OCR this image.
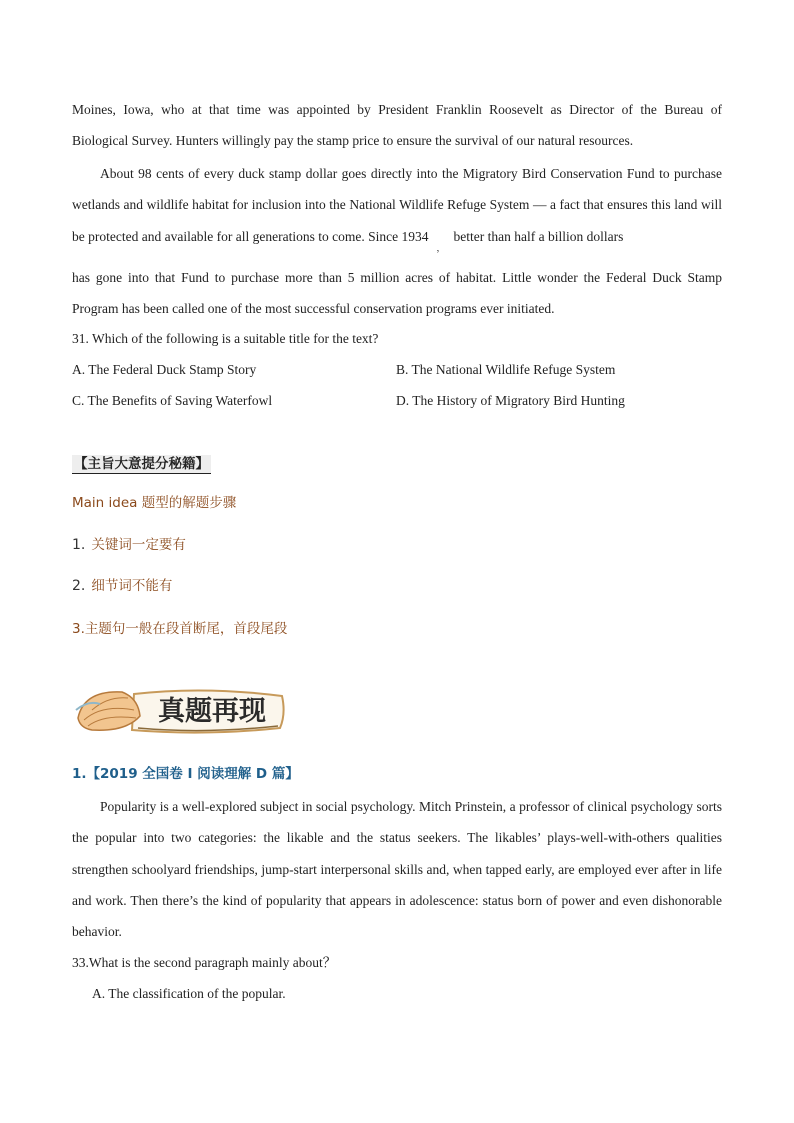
Moines, Iowa, who at that time was appointed by President Franklin Roosevelt as Director of the Bureau of
Biological Survey. Hunters willingly pay the stamp price to ensure the survival of our natural resources.
About 98 cents of every duck stamp dollar goes directly into the Migratory Bird Conservation Fund to purchase wetlands and wildlife habitat for inclusion into the National Wildlife Refuge System — a fact that ensures this land will be protected and available for all generations to come. Since $1934_,better$ than half a billion dollars
has gone into that Fund to purchase more than 5 million acres of habitat. Little wonder the Federal Duck Stamp Program has been called one of the most successful conservation programs ever initiated.
31. Which of the following is a suitable title for the text?
A. The Federal Duck Stamp Story	B. The National Wildlife Refuge System
C. The Benefits of Saving Waterfowl	D. The History of Migratory Bird Hunting
【主旨大意提分秘籍】
Main idea 题型的解题步骤
1. 关键词一定要有
2. 细节词不能有
3.主题句一般在段首断尾，首段尾段
真题再现
1.【2019 全国卷 I 阅读理解 D 篇】
Popularity is a well-explored subject in social psychology. Mitch Prinstein, a professor of clinical psychology sorts the popular into two categories: the likable and the status seekers. The likables’ plays-well-with-others qualities strengthen schoolyard friendships, jump-start interpersonal skills and, when tapped early, are employed ever after in life and work. Then there’s the kind of popularity that appears in adolescence: status born of power and even dishonorable behavior.
33.What is the second paragraph mainly about？
A. The classification of the popular.
